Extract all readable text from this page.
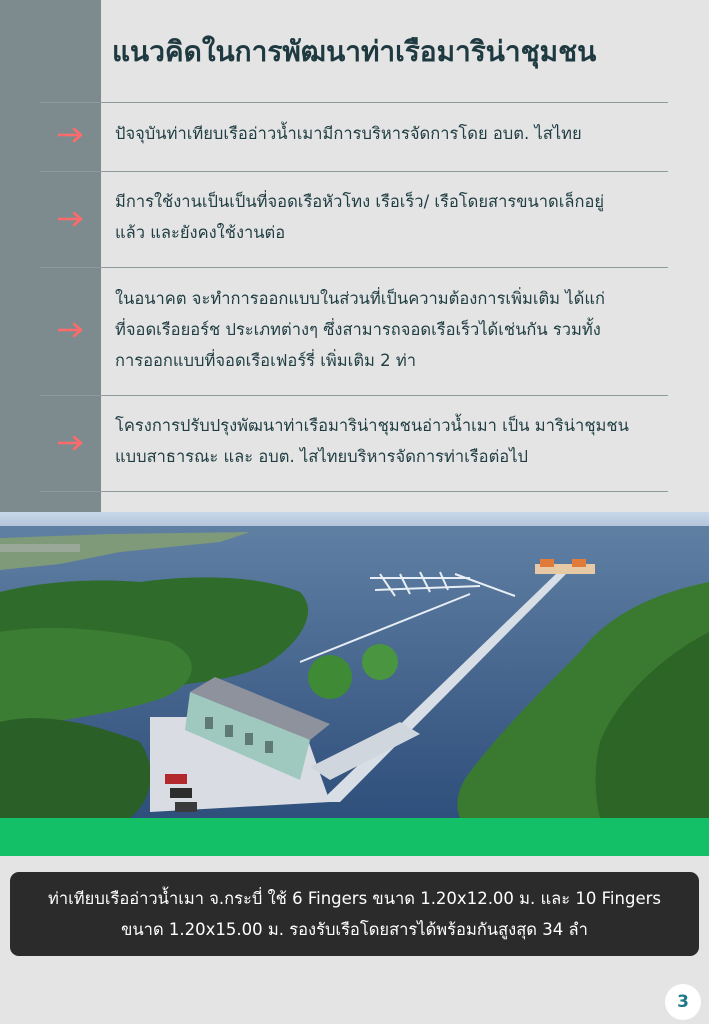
แนวคิดในการพัฒนาท่าเรือมาริน่าชุมชน
ปัจจุบันท่าเทียบเรืออ่าวน้ำเมามีการบริหารจัดการโดย อบต. ไสไทย
มีการใช้งานเป็นเป็นที่จอดเรือหัวโทง เรือเร็ว/ เรือโดยสารขนาดเล็กอยู่
แล้ว และยังคงใช้งานต่อ
ในอนาคต จะทำการออกแบบในส่วนที่เป็นความต้องการเพิ่มเติม ได้แก่
ที่จอดเรือยอร์ช ประเภทต่างๆ ซึ่งสามารถจอดเรือเร็วได้เช่นกัน รวมทั้ง
การออกแบบที่จอดเรือเฟอร์รี่ เพิ่มเติม 2 ท่า
โครงการปรับปรุงพัฒนาท่าเรือมาริน่าชุมชนอ่าวน้ำเมา เป็น มาริน่าชุมชน
แบบสาธารณะ และ อบต. ไสไทยบริหารจัดการท่าเรือต่อไป
ท่าเทียบเรืออ่าวน้ำเมา จ.กระบี่ ใช้ 6 Fingers ขนาด 1.20x12.00 ม. และ 10 Fingers
ขนาด 1.20x15.00 ม. รองรับเรือโดยสารได้พร้อมกันสูงสุด 34 ลำ
3
